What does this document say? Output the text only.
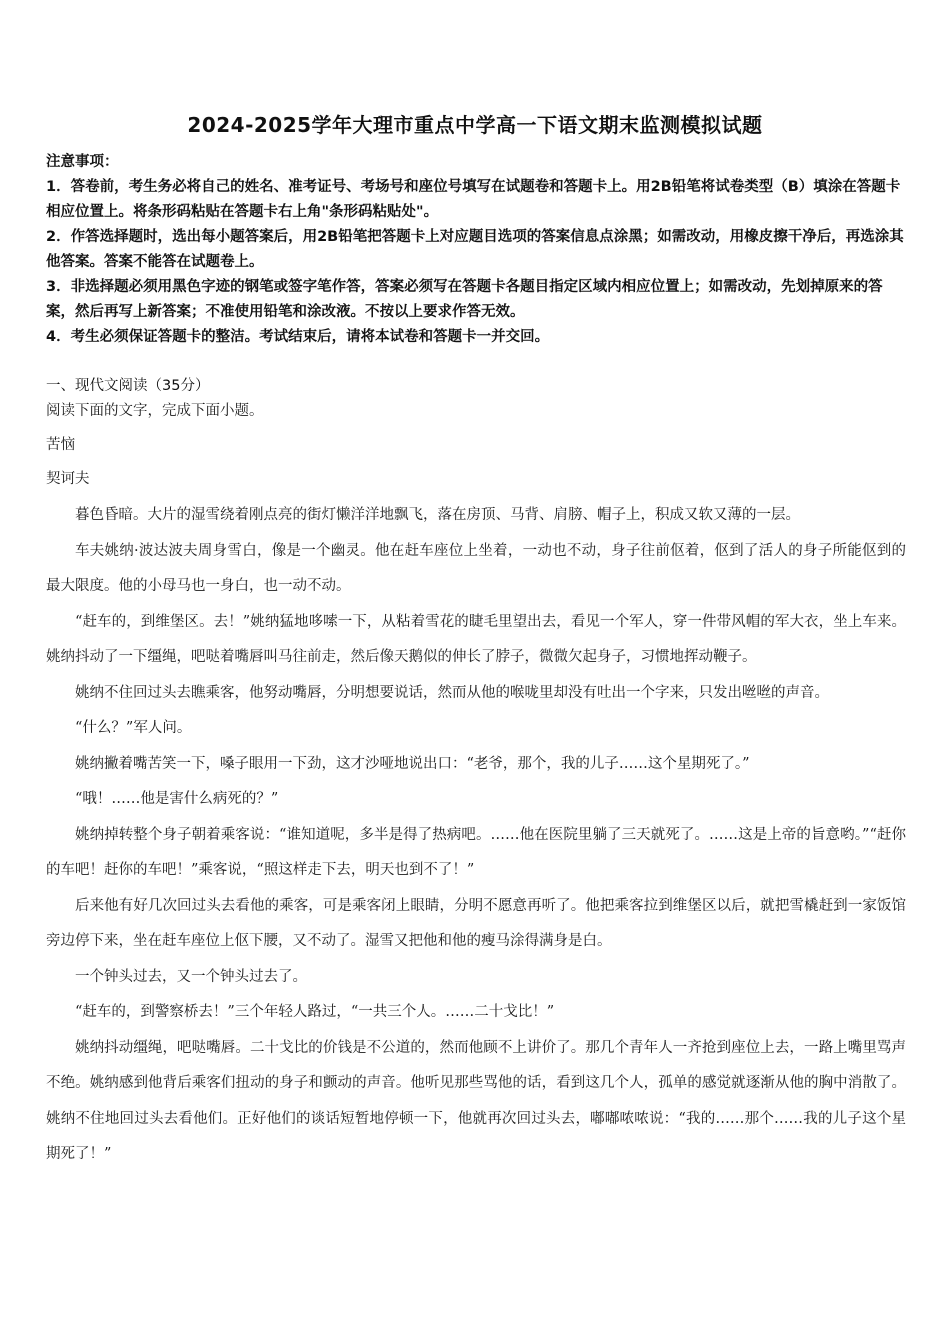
2024-2025学年大理市重点中学高一下语文期末监测模拟试题

注意事项：

1．答卷前，考生务必将自己的姓名、准考证号、考场号和座位号填写在试题卷和答题卡上。用2B铅笔将试卷类型（B）填涂在答题卡相应位置上。将条形码粘贴在答题卡右上角"条形码粘贴处"。

2．作答选择题时，选出每小题答案后，用2B铅笔把答题卡上对应题目选项的答案信息点涂黑；如需改动，用橡皮擦干净后，再选涂其他答案。答案不能答在试题卷上。

3．非选择题必须用黑色字迹的钢笔或签字笔作答，答案必须写在答题卡各题目指定区域内相应位置上；如需改动，先划掉原来的答案，然后再写上新答案；不准使用铅笔和涂改液。不按以上要求作答无效。

4．考生必须保证答题卡的整洁。考试结束后，请将本试卷和答题卡一并交回。

一、现代文阅读（35分）

阅读下面的文字，完成下面小题。

苦恼

契诃夫

暮色昏暗。大片的湿雪绕着刚点亮的街灯懒洋洋地飘飞，落在房顶、马背、肩膀、帽子上，积成又软又薄的一层。

车夫姚纳·波达波夫周身雪白，像是一个幽灵。他在赶车座位上坐着，一动也不动，身子往前伛着，伛到了活人的身子所能伛到的最大限度。他的小母马也一身白，也一动不动。

“赶车的，到维堡区。去！”姚纳猛地哆嗦一下，从粘着雪花的睫毛里望出去，看见一个军人，穿一件带风帽的军大衣，坐上车来。姚纳抖动了一下缰绳，吧哒着嘴唇叫马往前走，然后像天鹅似的伸长了脖子，微微欠起身子，习惯地挥动鞭子。

姚纳不住回过头去瞧乘客，他努动嘴唇，分明想要说话，然而从他的喉咙里却没有吐出一个字来，只发出咝咝的声音。

“什么？”军人问。

姚纳撇着嘴苦笑一下，嗓子眼用一下劲，这才沙哑地说出口：“老爷，那个，我的儿子……这个星期死了。”

“哦！……他是害什么病死的？”

姚纳掉转整个身子朝着乘客说：“谁知道呢，多半是得了热病吧。……他在医院里躺了三天就死了。……这是上帝的旨意哟。”“赶你的车吧！赶你的车吧！”乘客说，“照这样走下去，明天也到不了！”

后来他有好几次回过头去看他的乘客，可是乘客闭上眼睛，分明不愿意再听了。他把乘客拉到维堡区以后，就把雪橇赶到一家饭馆旁边停下来，坐在赶车座位上伛下腰，又不动了。湿雪又把他和他的瘦马涂得满身是白。

一个钟头过去，又一个钟头过去了。

“赶车的，到警察桥去！”三个年轻人路过，“一共三个人。……二十戈比！”

姚纳抖动缰绳，吧哒嘴唇。二十戈比的价钱是不公道的，然而他顾不上讲价了。那几个青年人一齐抢到座位上去，一路上嘴里骂声不绝。姚纳感到他背后乘客们扭动的身子和颤动的声音。他听见那些骂他的话，看到这几个人，孤单的感觉就逐渐从他的胸中消散了。姚纳不住地回过头去看他们。正好他们的谈话短暂地停顿一下，他就再次回过头去，嘟嘟哝哝说：“我的……那个……我的儿子这个星期死了！”
